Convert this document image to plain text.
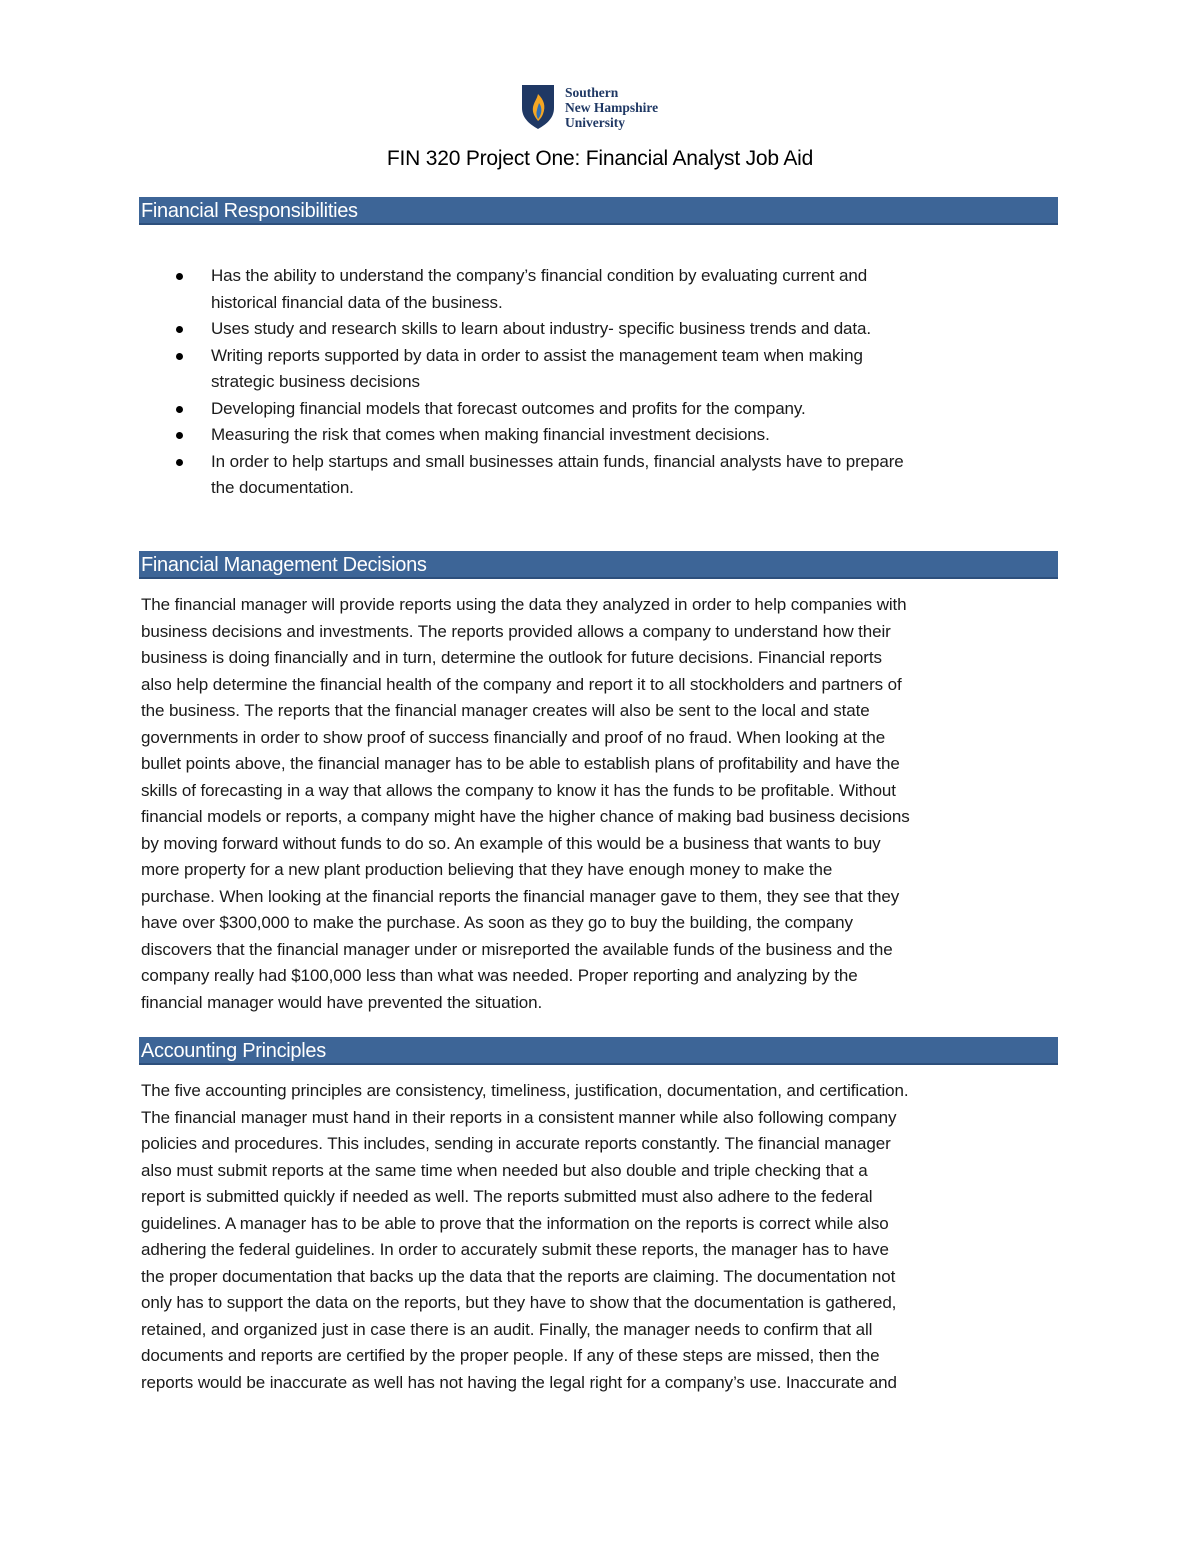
Southern
New Hampshire
University
FIN 320 Project One: Financial Analyst Job Aid
Financial Responsibilities
Has the ability to understand the company’s financial condition by evaluating current and
historical financial data of the business.
Uses study and research skills to learn about industry- specific business trends and data.
Writing reports supported by data in order to assist the management team when making
strategic business decisions
Developing financial models that forecast outcomes and profits for the company.
Measuring the risk that comes when making financial investment decisions.
In order to help startups and small businesses attain funds, financial analysts have to prepare
the documentation.
Financial Management Decisions

The financial manager will provide reports using the data they analyzed in order to help companies with
business decisions and investments. The reports provided allows a company to understand how their
business is doing financially and in turn, determine the outlook for future decisions. Financial reports
also help determine the financial health of the company and report it to all stockholders and partners of
the business. The reports that the financial manager creates will also be sent to the local and state
governments in order to show proof of success financially and proof of no fraud. When looking at the
bullet points above, the financial manager has to be able to establish plans of profitability and have the
skills of forecasting in a way that allows the company to know it has the funds to be profitable. Without
financial models or reports, a company might have the higher chance of making bad business decisions
by moving forward without funds to do so. An example of this would be a business that wants to buy
more property for a new plant production believing that they have enough money to make the
purchase. When looking at the financial reports the financial manager gave to them, they see that they
have over $300,000 to make the purchase. As soon as they go to buy the building, the company
discovers that the financial manager under or misreported the available funds of the business and the
company really had $100,000 less than what was needed. Proper reporting and analyzing by the
financial manager would have prevented the situation.

Accounting Principles

The five accounting principles are consistency, timeliness, justification, documentation, and certification.
The financial manager must hand in their reports in a consistent manner while also following company
policies and procedures. This includes, sending in accurate reports constantly. The financial manager
also must submit reports at the same time when needed but also double and triple checking that a
report is submitted quickly if needed as well. The reports submitted must also adhere to the federal
guidelines. A manager has to be able to prove that the information on the reports is correct while also
adhering the federal guidelines. In order to accurately submit these reports, the manager has to have
the proper documentation that backs up the data that the reports are claiming. The documentation not
only has to support the data on the reports, but they have to show that the documentation is gathered,
retained, and organized just in case there is an audit. Finally, the manager needs to confirm that all
documents and reports are certified by the proper people. If any of these steps are missed, then the
reports would be inaccurate as well has not having the legal right for a company’s use. Inaccurate and
